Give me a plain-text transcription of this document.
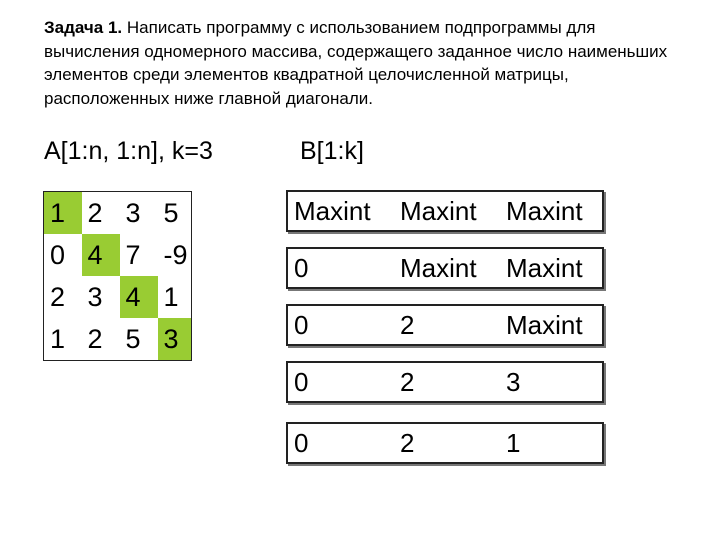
Задача 1. Написать программу с использованием подпрограммы для вычисления одномерного массива, содержащего заданное число наименьших элементов среди элементов квадратной целочисленной матрицы, расположенных ниже главной диагонали.
A[1:n, 1:n], k=3	B[1:k]
1	2	3	5
0	4	7	-9
2	3	4	1
1	2	5	3
Maxint	Maxint	Maxint
0	Maxint	Maxint
0	2	Maxint
0	2	3
0	2	1
